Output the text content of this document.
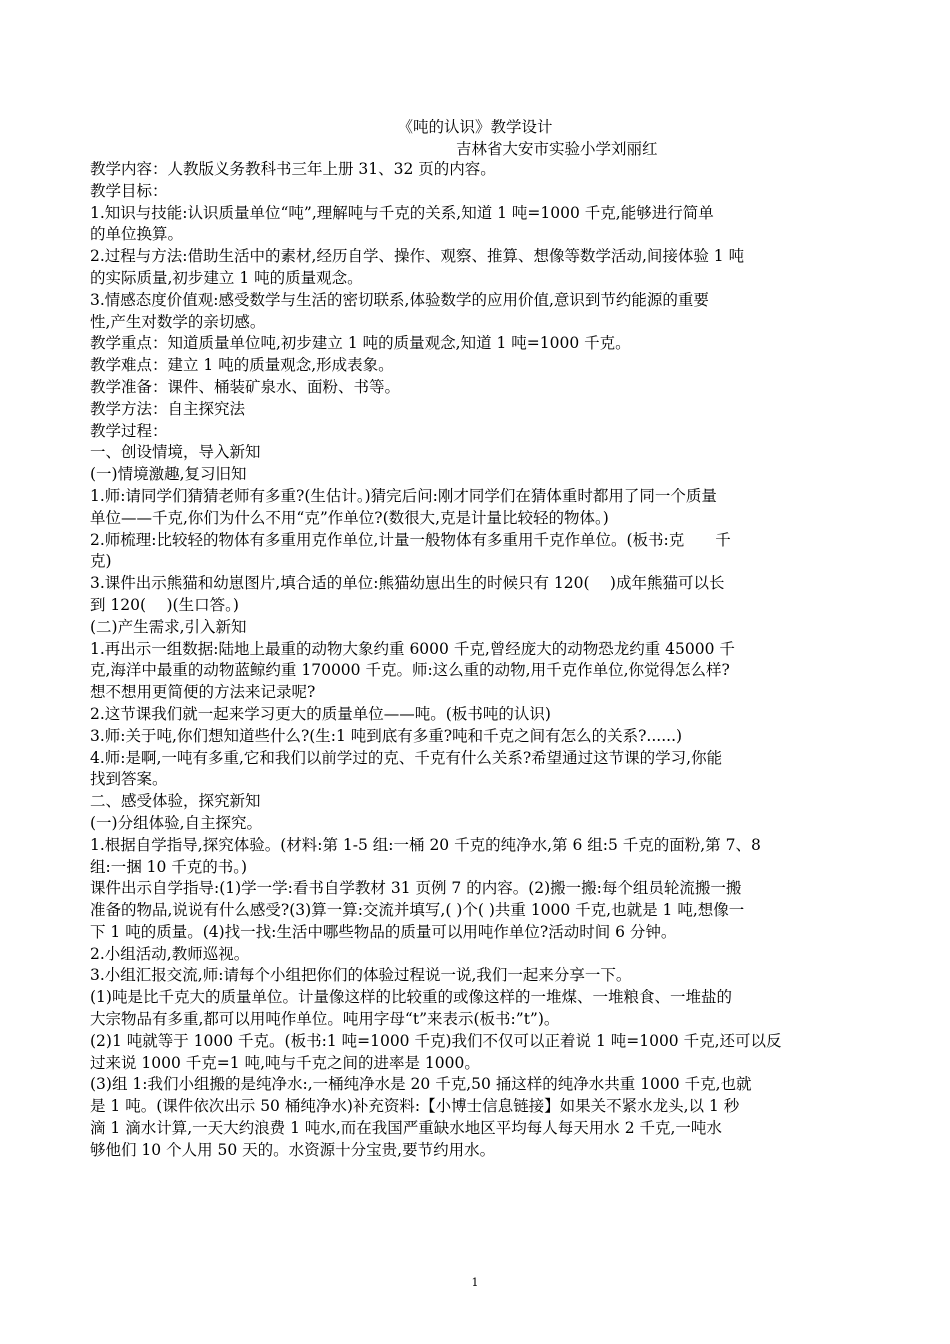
《吨的认识》教学设计
吉林省大安市实验小学刘丽红
教学内容：人教版义务教科书三年上册 31、32 页的内容。
教学目标：
1.知识与技能:认识质量单位“吨”,理解吨与千克的关系,知道 1 吨=1000 千克,能够进行简单
的单位换算。
2.过程与方法:借助生活中的素材,经历自学、操作、观察、推算、想像等数学活动,间接体验 1 吨
的实际质量,初步建立 1 吨的质量观念。
3.情感态度价值观:感受数学与生活的密切联系,体验数学的应用价值,意识到节约能源的重要
性,产生对数学的亲切感。
教学重点：知道质量单位吨,初步建立 1 吨的质量观念,知道 1 吨=1000 千克。
教学难点：建立 1 吨的质量观念,形成表象。
教学准备：课件、桶装矿泉水、面粉、书等。
教学方法：自主探究法
教学过程：
一、创设情境，导入新知
(一)情境激趣,复习旧知
1.师:请同学们猜猜老师有多重?(生估计。)猜完后问:刚才同学们在猜体重时都用了同一个质量
单位——千克,你们为什么不用“克”作单位?(数很大,克是计量比较轻的物体。)
2.师梳理:比较轻的物体有多重用克作单位,计量一般物体有多重用千克作单位。(板书:克　　千
克)
3.课件出示熊猫和幼崽图片,填合适的单位:熊猫幼崽出生的时候只有 120(　 )成年熊猫可以长
到 120(　 )(生口答。)
(二)产生需求,引入新知
1.再出示一组数据:陆地上最重的动物大象约重 6000 千克,曾经庞大的动物恐龙约重 45000 千
克,海洋中最重的动物蓝鲸约重 170000 千克。师:这么重的动物,用千克作单位,你觉得怎么样?
想不想用更简便的方法来记录呢?
2.这节课我们就一起来学习更大的质量单位——吨。(板书吨的认识)
3.师:关于吨,你们想知道些什么?(生:1 吨到底有多重?吨和千克之间有怎么的关系?......)
4.师:是啊,一吨有多重,它和我们以前学过的克、千克有什么关系?希望通过这节课的学习,你能
找到答案。
二、感受体验，探究新知
(一)分组体验,自主探究。
1.根据自学指导,探究体验。(材料:第 1-5 组:一桶 20 千克的纯净水,第 6 组:5 千克的面粉,第 7、8
组:一捆 10 千克的书。)
课件出示自学指导:(1)学一学:看书自学教材 31 页例 7 的内容。(2)搬一搬:每个组员轮流搬一搬
准备的物品,说说有什么感受?(3)算一算:交流并填写,( )个( )共重 1000 千克,也就是 1 吨,想像一
下 1 吨的质量。(4)找一找:生活中哪些物品的质量可以用吨作单位?活动时间 6 分钟。
2.小组活动,教师巡视。
3.小组汇报交流,师:请每个小组把你们的体验过程说一说,我们一起来分享一下。
(1)吨是比千克大的质量单位。计量像这样的比较重的或像这样的一堆煤、一堆粮食、一堆盐的
大宗物品有多重,都可以用吨作单位。吨用字母“t”来表示(板书:”t”)。
(2)1 吨就等于 1000 千克。(板书:1 吨=1000 千克)我们不仅可以正着说 1 吨=1000 千克,还可以反
过来说 1000 千克=1 吨,吨与千克之间的进率是 1000。
(3)组 1:我们小组搬的是纯净水:,一桶纯净水是 20 千克,50 捅这样的纯净水共重 1000 千克,也就
是 1 吨。(课件依次出示 50 桶纯净水)补充资料:【小博士信息链接】如果关不紧水龙头,以 1 秒
滴 1 滴水计算,一天大约浪费 1 吨水,而在我国严重缺水地区平均每人每天用水 2 千克,一吨水
够他们 10 个人用 50 天的。水资源十分宝贵,要节约用水。
1
